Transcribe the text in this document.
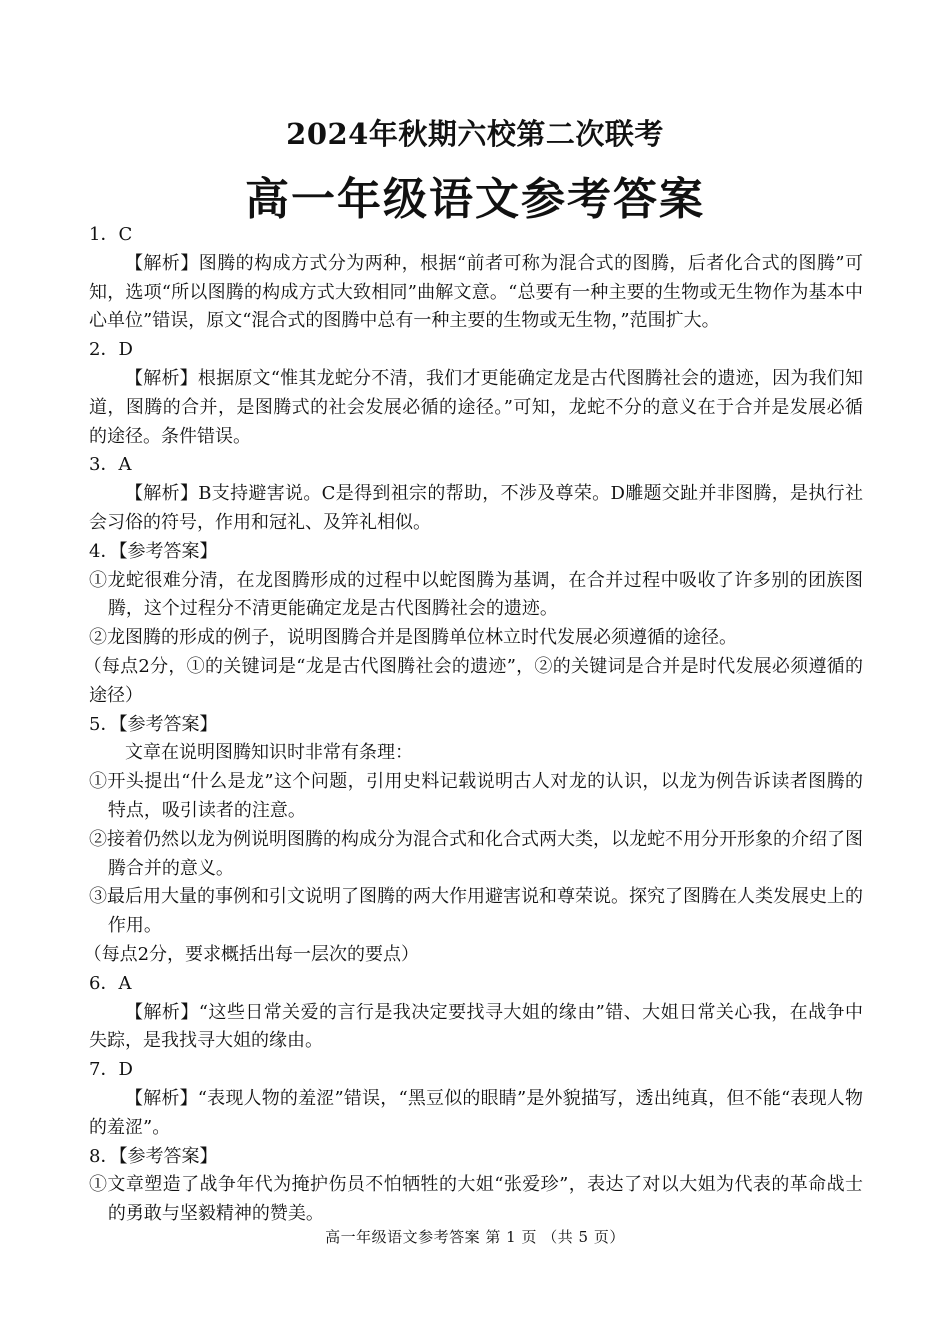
2024年秋期六校第二次联考
高一年级语文参考答案

1．C

【解析】图腾的构成方式分为两种，根据“前者可称为混合式的图腾，后者化合式的图腾”可知，选项“所以图腾的构成方式大致相同”曲解文意。“总要有一种主要的生物或无生物作为基本中心单位”错误，原文“混合式的图腾中总有一种主要的生物或无生物，”范围扩大。

2．D

【解析】根据原文“惟其龙蛇分不清，我们才更能确定龙是古代图腾社会的遗迹，因为我们知道，图腾的合并，是图腾式的社会发展必循的途径。”可知，龙蛇不分的意义在于合并是发展必循的途径。条件错误。

3．A

【解析】B支持避害说。C是得到祖宗的帮助，不涉及尊荣。D雕题交趾并非图腾，是执行社会习俗的符号，作用和冠礼、及笄礼相似。

4．【参考答案】

①龙蛇很难分清，在龙图腾形成的过程中以蛇图腾为基调，在合并过程中吸收了许多别的团族图腾，这个过程分不清更能确定龙是古代图腾社会的遗迹。

②龙图腾的形成的例子，说明图腾合并是图腾单位林立时代发展必须遵循的途径。

（每点2分，①的关键词是“龙是古代图腾社会的遗迹”，②的关键词是合并是时代发展必须遵循的途径）

5．【参考答案】

文章在说明图腾知识时非常有条理：

①开头提出“什么是龙”这个问题，引用史料记载说明古人对龙的认识，以龙为例告诉读者图腾的特点，吸引读者的注意。

②接着仍然以龙为例说明图腾的构成分为混合式和化合式两大类，以龙蛇不用分开形象的介绍了图腾合并的意义。

③最后用大量的事例和引文说明了图腾的两大作用避害说和尊荣说。探究了图腾在人类发展史上的作用。

（每点2分，要求概括出每一层次的要点）

6．A

【解析】“这些日常关爱的言行是我决定要找寻大姐的缘由”错、大姐日常关心我，在战争中失踪，是我找寻大姐的缘由。

7．D

【解析】“表现人物的羞涩”错误，“黑豆似的眼睛”是外貌描写，透出纯真，但不能“表现人物的羞涩”。

8．【参考答案】

①文章塑造了战争年代为掩护伤员不怕牺牲的大姐“张爱珍”，表达了对以大姐为代表的革命战士的勇敢与坚毅精神的赞美。

高一年级语文参考答案 第 1 页 （共 5 页）
